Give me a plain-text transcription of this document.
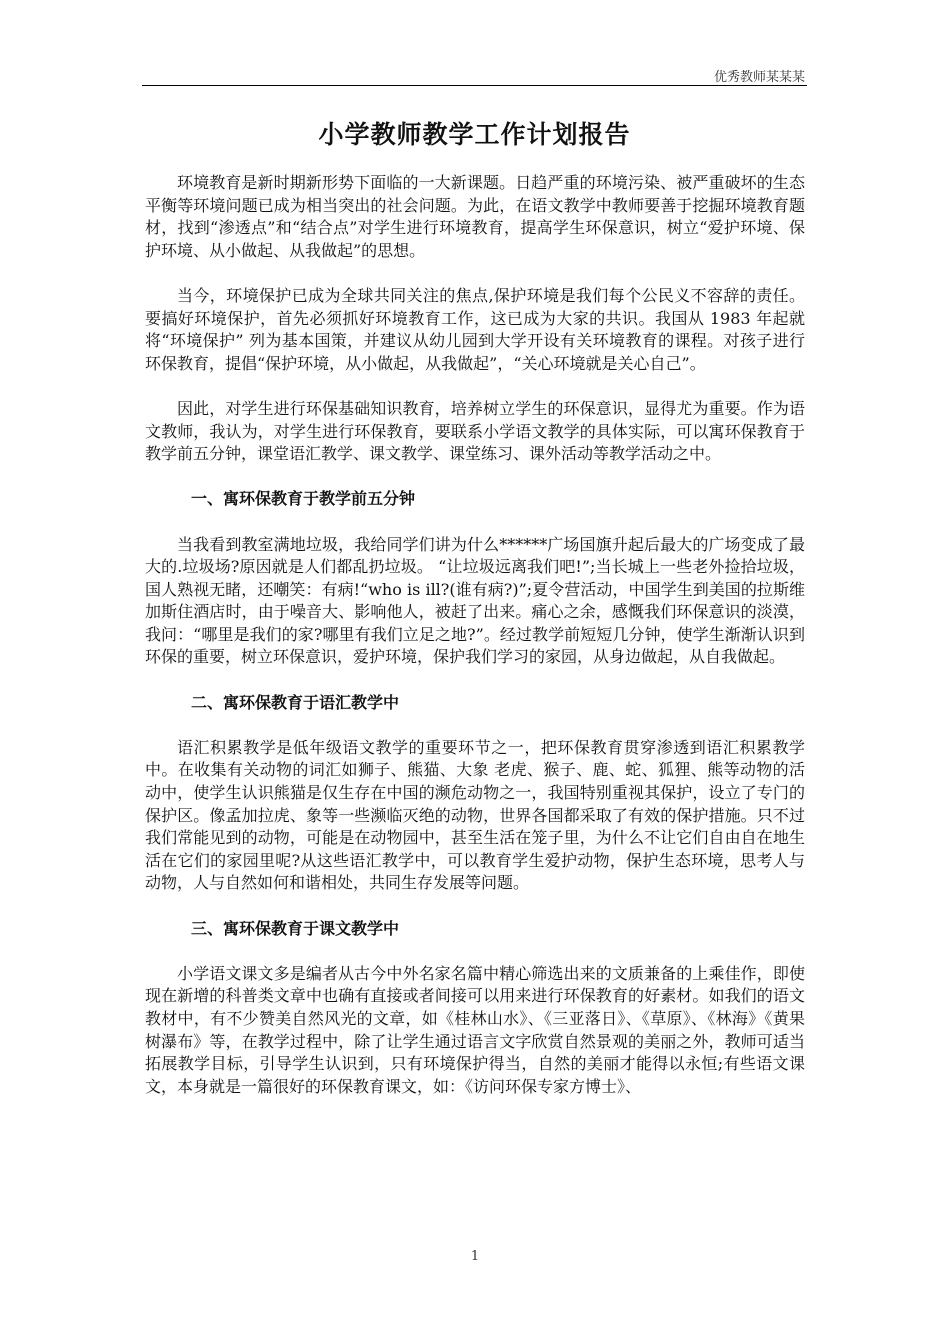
优秀教师某某某
小学教师教学工作计划报告

环境教育是新时期新形势下面临的一大新课题。日趋严重的环境污染、被严重破坏的生态平衡等环境问题已成为相当突出的社会问题。为此，在语文教学中教师要善于挖掘环境教育题材，找到“渗透点”和“结合点”对学生进行环境教育，提高学生环保意识，树立“爱护环境、保护环境、从小做起、从我做起”的思想。

当今，环境保护已成为全球共同关注的焦点,保护环境是我们每个公民义不容辞的责任。要搞好环境保护，首先必须抓好环境教育工作，这已成为大家的共识。我国从 1983 年起就将“环境保护” 列为基本国策，并建议从幼儿园到大学开设有关环境教育的课程。对孩子进行环保教育，提倡“保护环境，从小做起，从我做起”，“关心环境就是关心自己”。

因此，对学生进行环保基础知识教育，培养树立学生的环保意识，显得尤为重要。作为语文教师，我认为，对学生进行环保教育，要联系小学语文教学的具体实际，可以寓环保教育于教学前五分钟，课堂语汇教学、课文教学、课堂练习、课外活动等教学活动之中。

一、寓环保教育于教学前五分钟

当我看到教室满地垃圾，我给同学们讲为什么******广场国旗升起后最大的广场变成了最大的.垃圾场?原因就是人们都乱扔垃圾。 “让垃圾远离我们吧!”;当长城上一些老外捡拾垃圾，国人熟视无睹，还嘲笑：有病!“who is ill?(谁有病?)”;夏令营活动，中国学生到美国的拉斯维加斯住酒店时，由于噪音大、影响他人，被赶了出来。痛心之余，感慨我们环保意识的淡漠， 我问：“哪里是我们的家?哪里有我们立足之地?”。经过教学前短短几分钟，使学生渐渐认识到环保的重要，树立环保意识，爱护环境，保护我们学习的家园，从身边做起，从自我做起。

二、寓环保教育于语汇教学中

语汇积累教学是低年级语文教学的重要环节之一，把环保教育贯穿渗透到语汇积累教学中。在收集有关动物的词汇如狮子、熊猫、大象 老虎、猴子、鹿、蛇、狐狸、熊等动物的活动中，使学生认识熊猫是仅生存在中国的濒危动物之一，我国特别重视其保护，设立了专门的保护区。像孟加拉虎、象等一些濒临灭绝的动物，世界各国都采取了有效的保护措施。只不过我们常能见到的动物，可能是在动物园中，甚至生活在笼子里，为什么不让它们自由自在地生活在它们的家园里呢?从这些语汇教学中，可以教育学生爱护动物，保护生态环境，思考人与动物，人与自然如何和谐相处，共同生存发展等问题。

三、寓环保教育于课文教学中

小学语文课文多是编者从古今中外名家名篇中精心筛选出来的文质兼备的上乘佳作，即使现在新增的科普类文章中也确有直接或者间接可以用来进行环保教育的好素材。如我们的语文教材中，有不少赞美自然风光的文章，如《桂林山水》、《三亚落日》、《草原》、《林海》《黄果树瀑布》等，在教学过程中，除了让学生通过语言文字欣赏自然景观的美丽之外，教师可适当拓展教学目标，引导学生认识到，只有环境保护得当，自然的美丽才能得以永恒;有些语文课文，本身就是一篇很好的环保教育课文，如：《访问环保专家方博士》、

1
